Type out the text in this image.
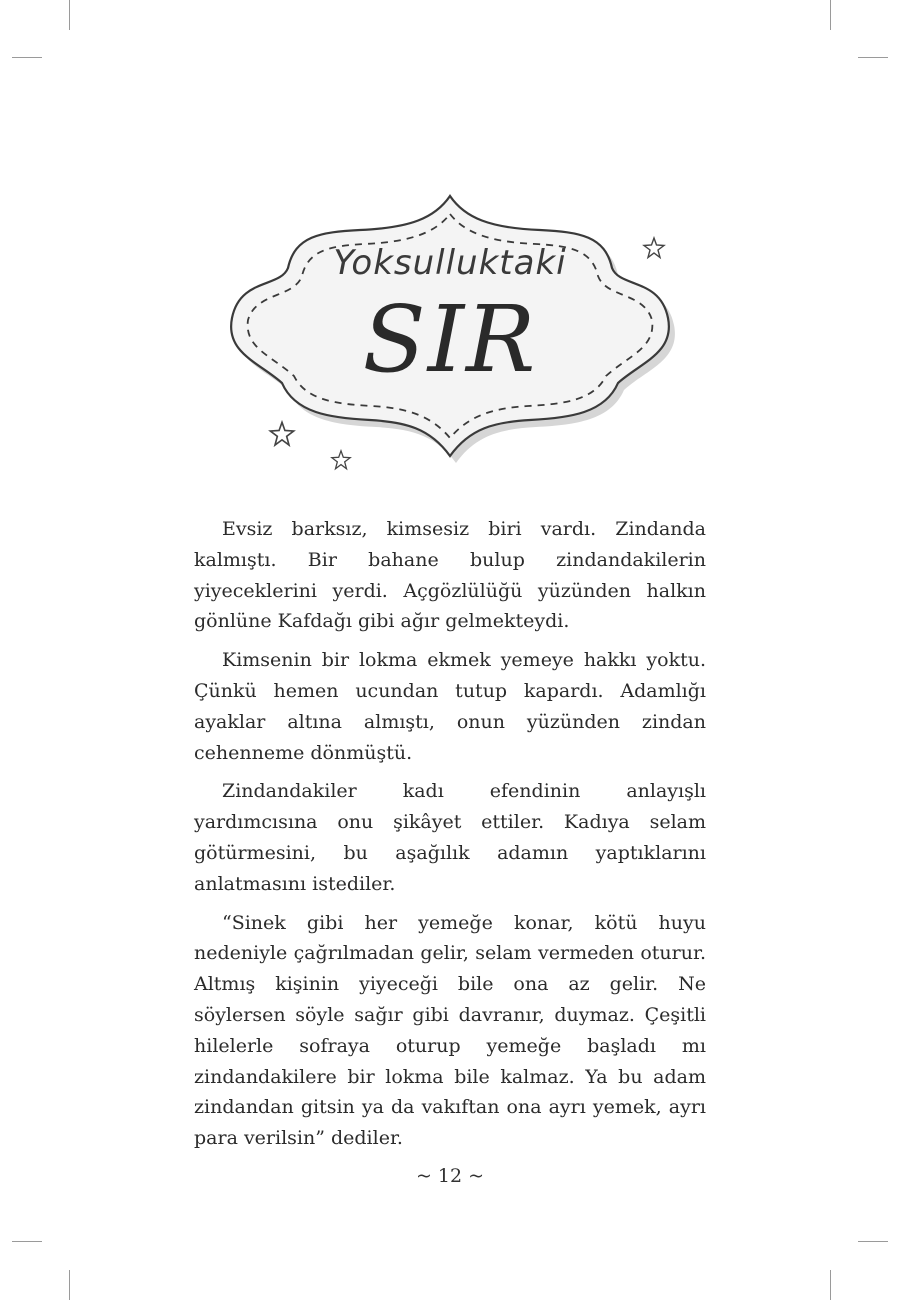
Yoksulluktaki
SIR

Evsiz barksız, kimsesiz biri vardı. Zindanda kalmıştı. Bir bahane bulup zindandakilerin yiyeceklerini yerdi. Açgözlülüğü yüzünden halkın gönlüne Kafdağı gibi ağır gelmekteydi.

Kimsenin bir lokma ekmek yemeye hakkı yoktu. Çünkü hemen ucundan tutup kapardı. Adamlığı ayaklar altına almıştı, onun yüzünden zindan cehenneme dönmüştü.

Zindandakiler kadı efendinin anlayışlı yardımcısına onu şikâyet ettiler. Kadıya selam götürmesini, bu aşağılık adamın yaptıklarını anlatmasını istediler.

“Sinek gibi her yemeğe konar, kötü huyu nedeniyle çağrılmadan gelir, selam vermeden oturur. Altmış kişinin yiyeceği bile ona az gelir. Ne söylersen söyle sağır gibi davranır, duymaz. Çeşitli hilelerle sofraya oturup yemeğe başladı mı zindandakilere bir lokma bile kalmaz. Ya bu adam zindandan gitsin ya da vakıftan ona ayrı yemek, ayrı para verilsin” dediler.

~ 12 ~
